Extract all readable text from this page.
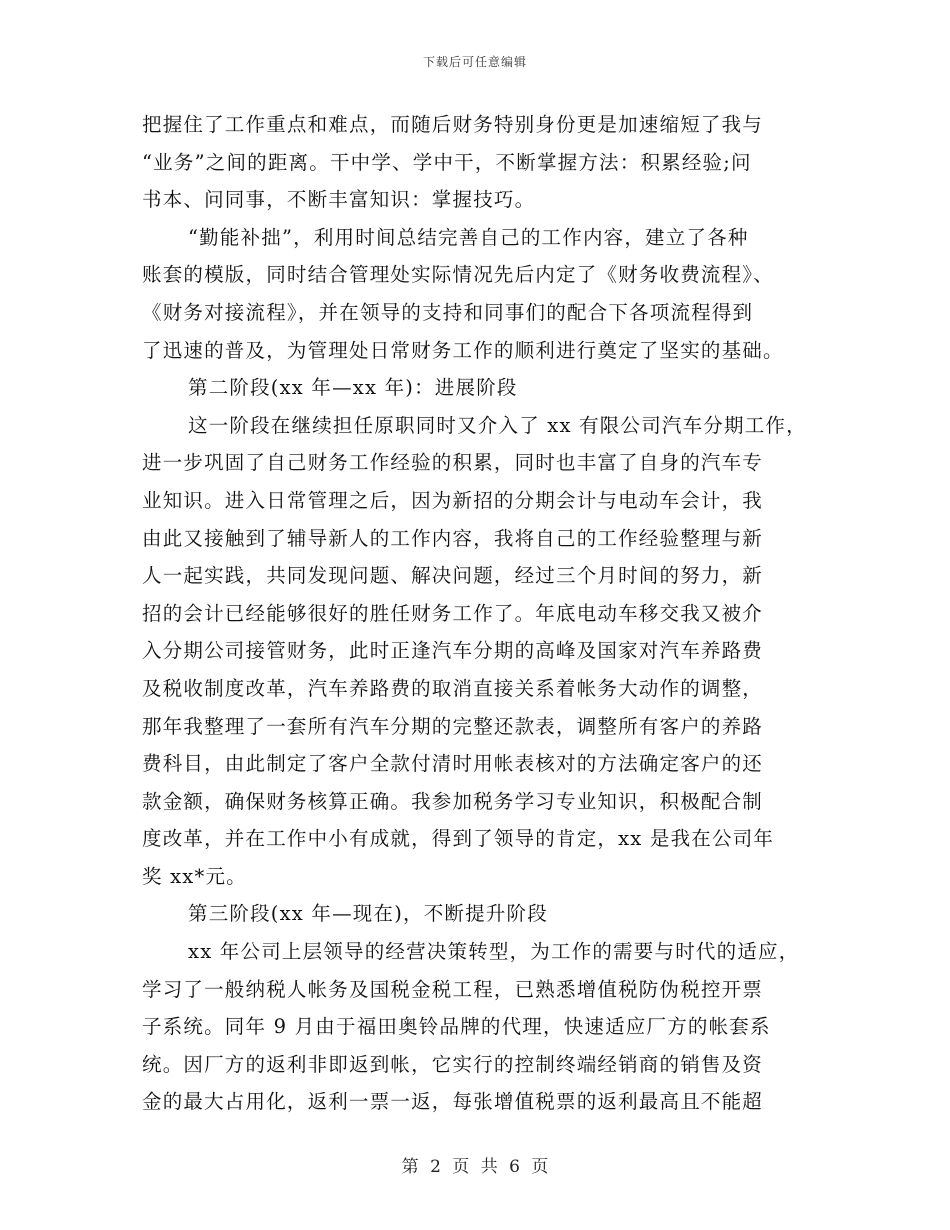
下载后可任意编辑
把握住了工作重点和难点，而随后财务特别身份更是加速缩短了我与
“业务”之间的距离。干中学、学中干，不断掌握方法：积累经验;问
书本、问同事，不断丰富知识：掌握技巧。
“勤能补拙”，利用时间总结完善自己的工作内容，建立了各种
账套的模版，同时结合管理处实际情况先后内定了《财务收费流程》、
《财务对接流程》，并在领导的支持和同事们的配合下各项流程得到
了迅速的普及，为管理处日常财务工作的顺利进行奠定了坚实的基础。
第二阶段(xx 年—xx 年)：进展阶段
这一阶段在继续担任原职同时又介入了 xx 有限公司汽车分期工作，
进一步巩固了自己财务工作经验的积累，同时也丰富了自身的汽车专
业知识。进入日常管理之后，因为新招的分期会计与电动车会计，我
由此又接触到了辅导新人的工作内容，我将自己的工作经验整理与新
人一起实践，共同发现问题、解决问题，经过三个月时间的努力，新
招的会计已经能够很好的胜任财务工作了。年底电动车移交我又被介
入分期公司接管财务，此时正逢汽车分期的高峰及国家对汽车养路费
及税收制度改革，汽车养路费的取消直接关系着帐务大动作的调整，
那年我整理了一套所有汽车分期的完整还款表，调整所有客户的养路
费科目，由此制定了客户全款付清时用帐表核对的方法确定客户的还
款金额，确保财务核算正确。我参加税务学习专业知识，积极配合制
度改革，并在工作中小有成就，得到了领导的肯定，xx 是我在公司年
奖 xx*元。
第三阶段(xx 年—现在)，不断提升阶段
xx 年公司上层领导的经营决策转型，为工作的需要与时代的适应，
学习了一般纳税人帐务及国税金税工程，已熟悉增值税防伪税控开票
子系统。同年 9 月由于福田奥铃品牌的代理，快速适应厂方的帐套系
统。因厂方的返利非即返到帐，它实行的控制终端经销商的销售及资
金的最大占用化，返利一票一返，每张增值税票的返利最高且不能超
第 2 页 共 6 页
